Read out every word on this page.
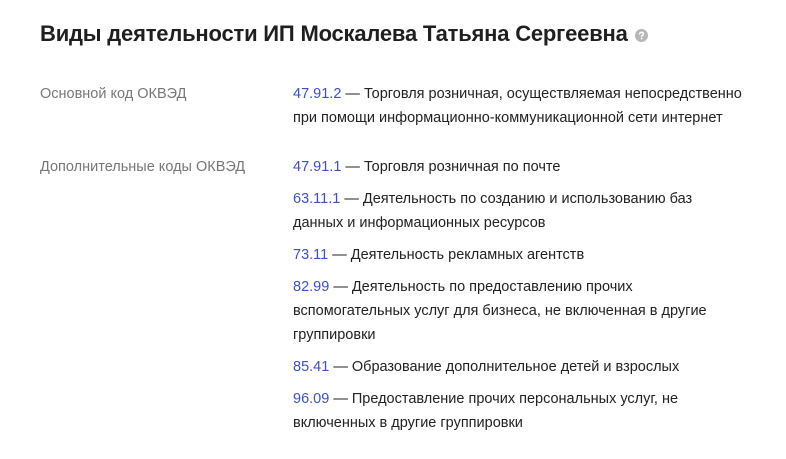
Виды деятельности ИП Москалева Татьяна Сергеевна
Основной код ОКВЭД	47.91.2 — Торговля розничная, осуществляемая непосредственно при помощи информационно-коммуникационной сети интернет
Дополнительные коды ОКВЭД	47.91.1 — Торговля розничная по почте
63.11.1 — Деятельность по созданию и использованию баз данных и информационных ресурсов
73.11 — Деятельность рекламных агентств
82.99 — Деятельность по предоставлению прочих вспомогательных услуг для бизнеса, не включенная в другие группировки
85.41 — Образование дополнительное детей и взрослых
96.09 — Предоставление прочих персональных услуг, не включенных в другие группировки
